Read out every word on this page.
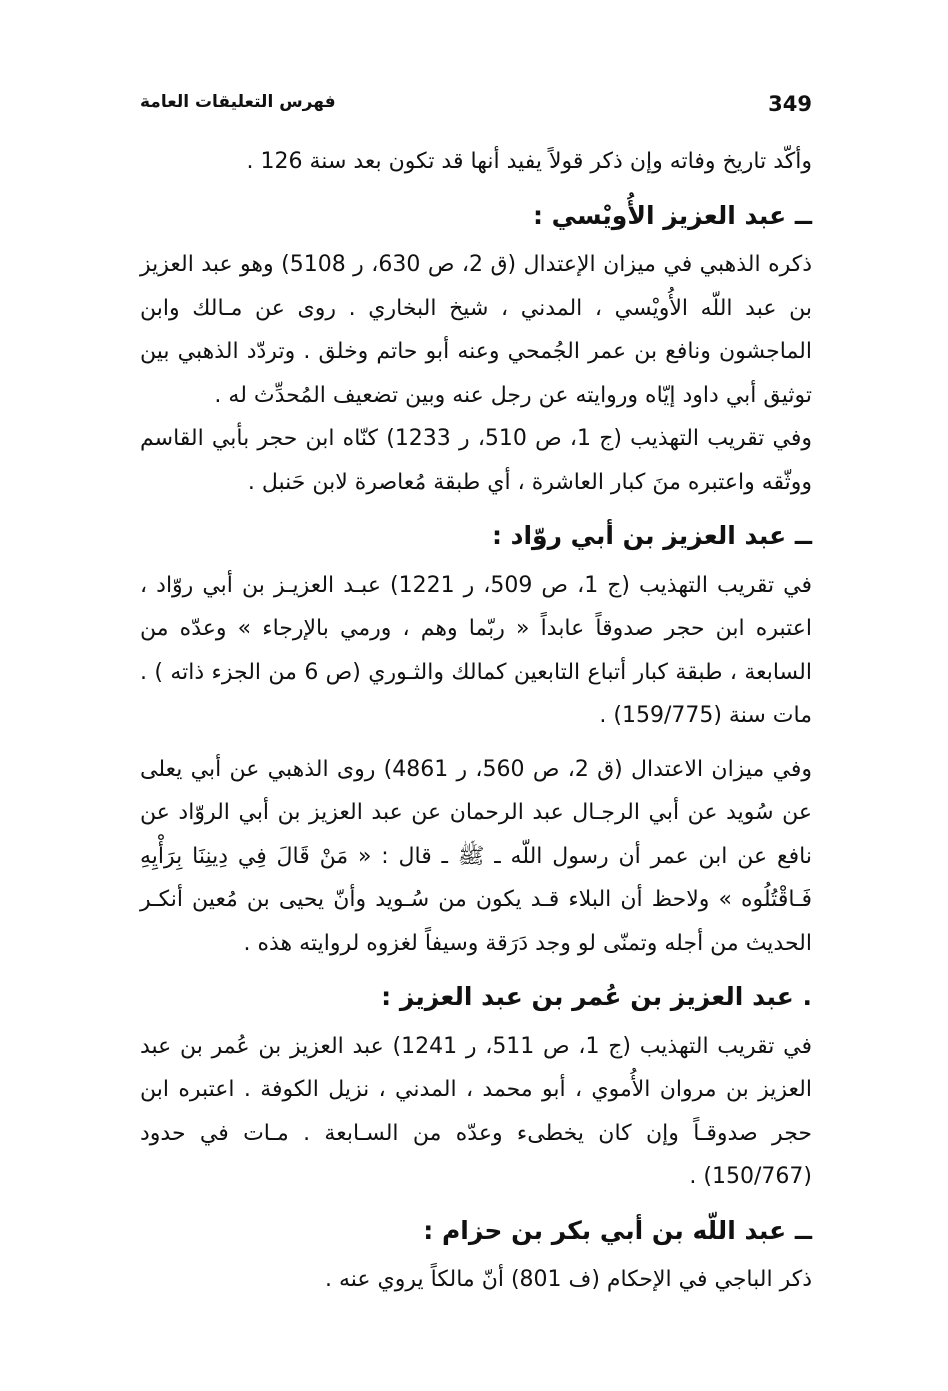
349
فهرس التعليقات العامة

وأكّد تاريخ وفاته وإن ذكر قولاً يفيد أنها قد تكون بعد سنة 126 .

ــ عبد العزيز الأُويْسي :

ذكره الذهبي في ميزان الإعتدال (ق 2، ص 630، ر 5108) وهو عبد العزيز بن عبد اللّه الأُويْسي ، المدني ، شيخ البخاري . روى عن مـالك وابن الماجشون ونافع بن عمر الجُمحي وعنه أبو حاتم وخلق . وتردّد الذهبي بين توثيق أبي داود إيّاه وروايته عن رجل عنه وبين تضعيف المُحدِّث له .

وفي تقريب التهذيب (ج 1، ص 510، ر 1233) كنّاه ابن حجر بأبي القاسم ووثّقه واعتبره منَ كبار العاشرة ، أي طبقة مُعاصرة لابن حَنبل .

ــ عبد العزيز بن أبي روّاد :

في تقريب التهذيب (ج 1، ص 509، ر 1221) عبـد العزيـز بن أبي روّاد ، اعتبره ابن حجر صدوقاً عابداً « ربّما وهم ، ورمي بالإرجاء » وعدّه من السابعة ، طبقة كبار أتباع التابعين كمالك والثـوري (ص 6 من الجزء ذاته ) . مات سنة (159/775) .

وفي ميزان الاعتدال (ق 2، ص 560، ر 4861) روى الذهبي عن أبي يعلى عن سُويد عن أبي الرجـال عبد الرحمان عن عبد العزيز بن أبي الروّاد عن نافع عن ابن عمر أن رسول اللّه ـ ﷺ ـ قال : « مَنْ قَالَ فِي دِينِنَا بِرَأْيِهِ فَـاقْتُلُوه » ولاحظ أن البلاء قـد يكون من سُـويد وأنّ يحيى بن مُعين أنكـر الحديث من أجله وتمنّى لو وجد دَرَقة وسيفاً لغزوه لروايته هذه .

. عبد العزيز بن عُمر بن عبد العزيز :

في تقريب التهذيب (ج 1، ص 511، ر 1241) عبد العزيز بن عُمر بن عبد العزيز بن مروان الأُموي ، أبو محمد ، المدني ، نزيل الكوفة . اعتبره ابن حجر صدوقـاً وإن كان يخطىء وعدّه من السـابعة . مـات في حدود (150/767) .

ــ عبد اللّه بن أبي بكر بن حزام :

ذكر الباجي في الإحكام (ف 801) أنّ مالكاً يروي عنه .
